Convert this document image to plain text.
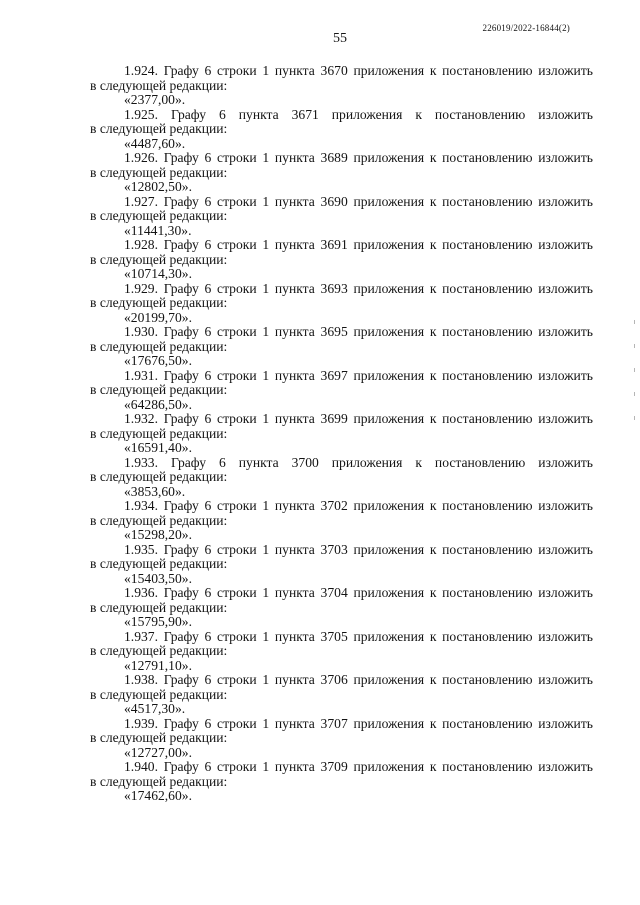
55
226019/2022-16844(2)
1.924. Графу 6 строки 1 пункта 3670 приложения к постановлению изложить
в следующей редакции:
«2377,00».
1.925. Графу 6 пункта 3671 приложения к постановлению изложить
в следующей редакции:
«4487,60».
1.926. Графу 6 строки 1 пункта 3689 приложения к постановлению изложить
в следующей редакции:
«12802,50».
1.927. Графу 6 строки 1 пункта 3690 приложения к постановлению изложить
в следующей редакции:
«11441,30».
1.928. Графу 6 строки 1 пункта 3691 приложения к постановлению изложить
в следующей редакции:
«10714,30».
1.929. Графу 6 строки 1 пункта 3693 приложения к постановлению изложить
в следующей редакции:
«20199,70».
1.930. Графу 6 строки 1 пункта 3695 приложения к постановлению изложить
в следующей редакции:
«17676,50».
1.931. Графу 6 строки 1 пункта 3697 приложения к постановлению изложить
в следующей редакции:
«64286,50».
1.932. Графу 6 строки 1 пункта 3699 приложения к постановлению изложить
в следующей редакции:
«16591,40».
1.933. Графу 6 пункта 3700 приложения к постановлению изложить
в следующей редакции:
«3853,60».
1.934. Графу 6 строки 1 пункта 3702 приложения к постановлению изложить
в следующей редакции:
«15298,20».
1.935. Графу 6 строки 1 пункта 3703 приложения к постановлению изложить
в следующей редакции:
«15403,50».
1.936. Графу 6 строки 1 пункта 3704 приложения к постановлению изложить
в следующей редакции:
«15795,90».
1.937. Графу 6 строки 1 пункта 3705 приложения к постановлению изложить
в следующей редакции:
«12791,10».
1.938. Графу 6 строки 1 пункта 3706 приложения к постановлению изложить
в следующей редакции:
«4517,30».
1.939. Графу 6 строки 1 пункта 3707 приложения к постановлению изложить
в следующей редакции:
«12727,00».
1.940. Графу 6 строки 1 пункта 3709 приложения к постановлению изложить
в следующей редакции:
«17462,60».
